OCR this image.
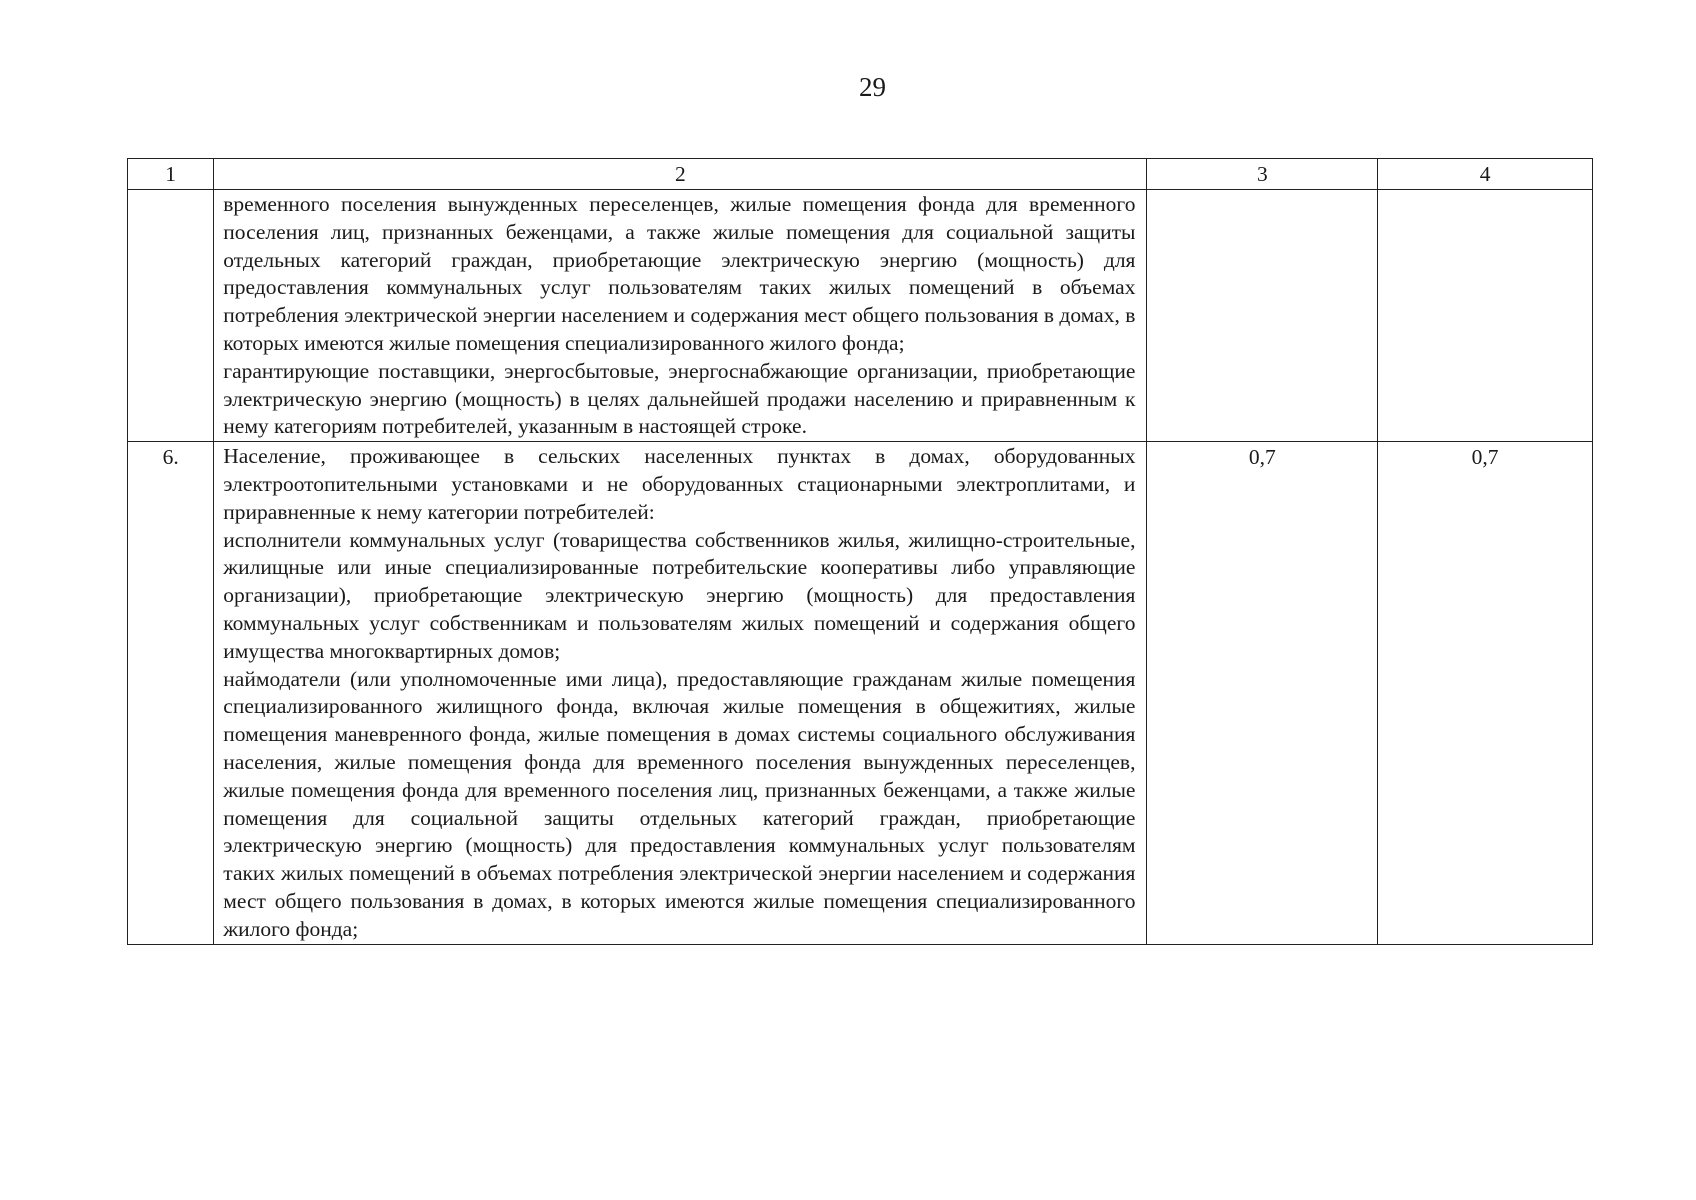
29
1	2	3	4

	временного поселения вынужденных переселенцев, жилые помещения фонда для временного поселения лиц, признанных беженцами, а также жилые помещения для социальной защиты отдельных категорий граждан, приобретающие электрическую энергию (мощность) для предоставления коммунальных услуг пользователям таких жилых помещений в объемах потребления электрической энергии населением и содержания мест общего пользования в домах, в которых имеются жилые помещения специализированного жилого фонда;

гарантирующие поставщики, энергосбытовые, энергоснабжающие организации, приобретающие электрическую энергию (мощность) в целях дальнейшей продажи населению и приравненным к нему категориям потребителей, указанным в настоящей строке.		

6.	Население, проживающее в сельских населенных пунктах в домах, оборудованных электроотопительными установками и не оборудованных стационарными электроплитами, и приравненные к нему категории потребителей:

исполнители коммунальных услуг (товарищества собственников жилья, жилищно-строительные, жилищные или иные специализированные потребительские кооперативы либо управляющие организации), приобретающие электрическую энергию (мощность) для предоставления коммунальных услуг собственникам и пользователям жилых помещений и содержания общего имущества многоквартирных домов;

наймодатели (или уполномоченные ими лица), предоставляющие гражданам жилые помещения специализированного жилищного фонда, включая жилые помещения в общежитиях, жилые помещения маневренного фонда, жилые помещения в домах системы социального обслуживания населения, жилые помещения фонда для временного поселения вынужденных переселенцев, жилые помещения фонда для временного поселения лиц, признанных беженцами, а также жилые помещения для социальной защиты отдельных категорий граждан, приобретающие электрическую энергию (мощность) для предоставления коммунальных услуг пользователям таких жилых помещений в объемах потребления электрической энергии населением и содержания мест общего пользования в домах, в которых имеются жилые помещения специализированного жилого фонда;	0,7	0,7
